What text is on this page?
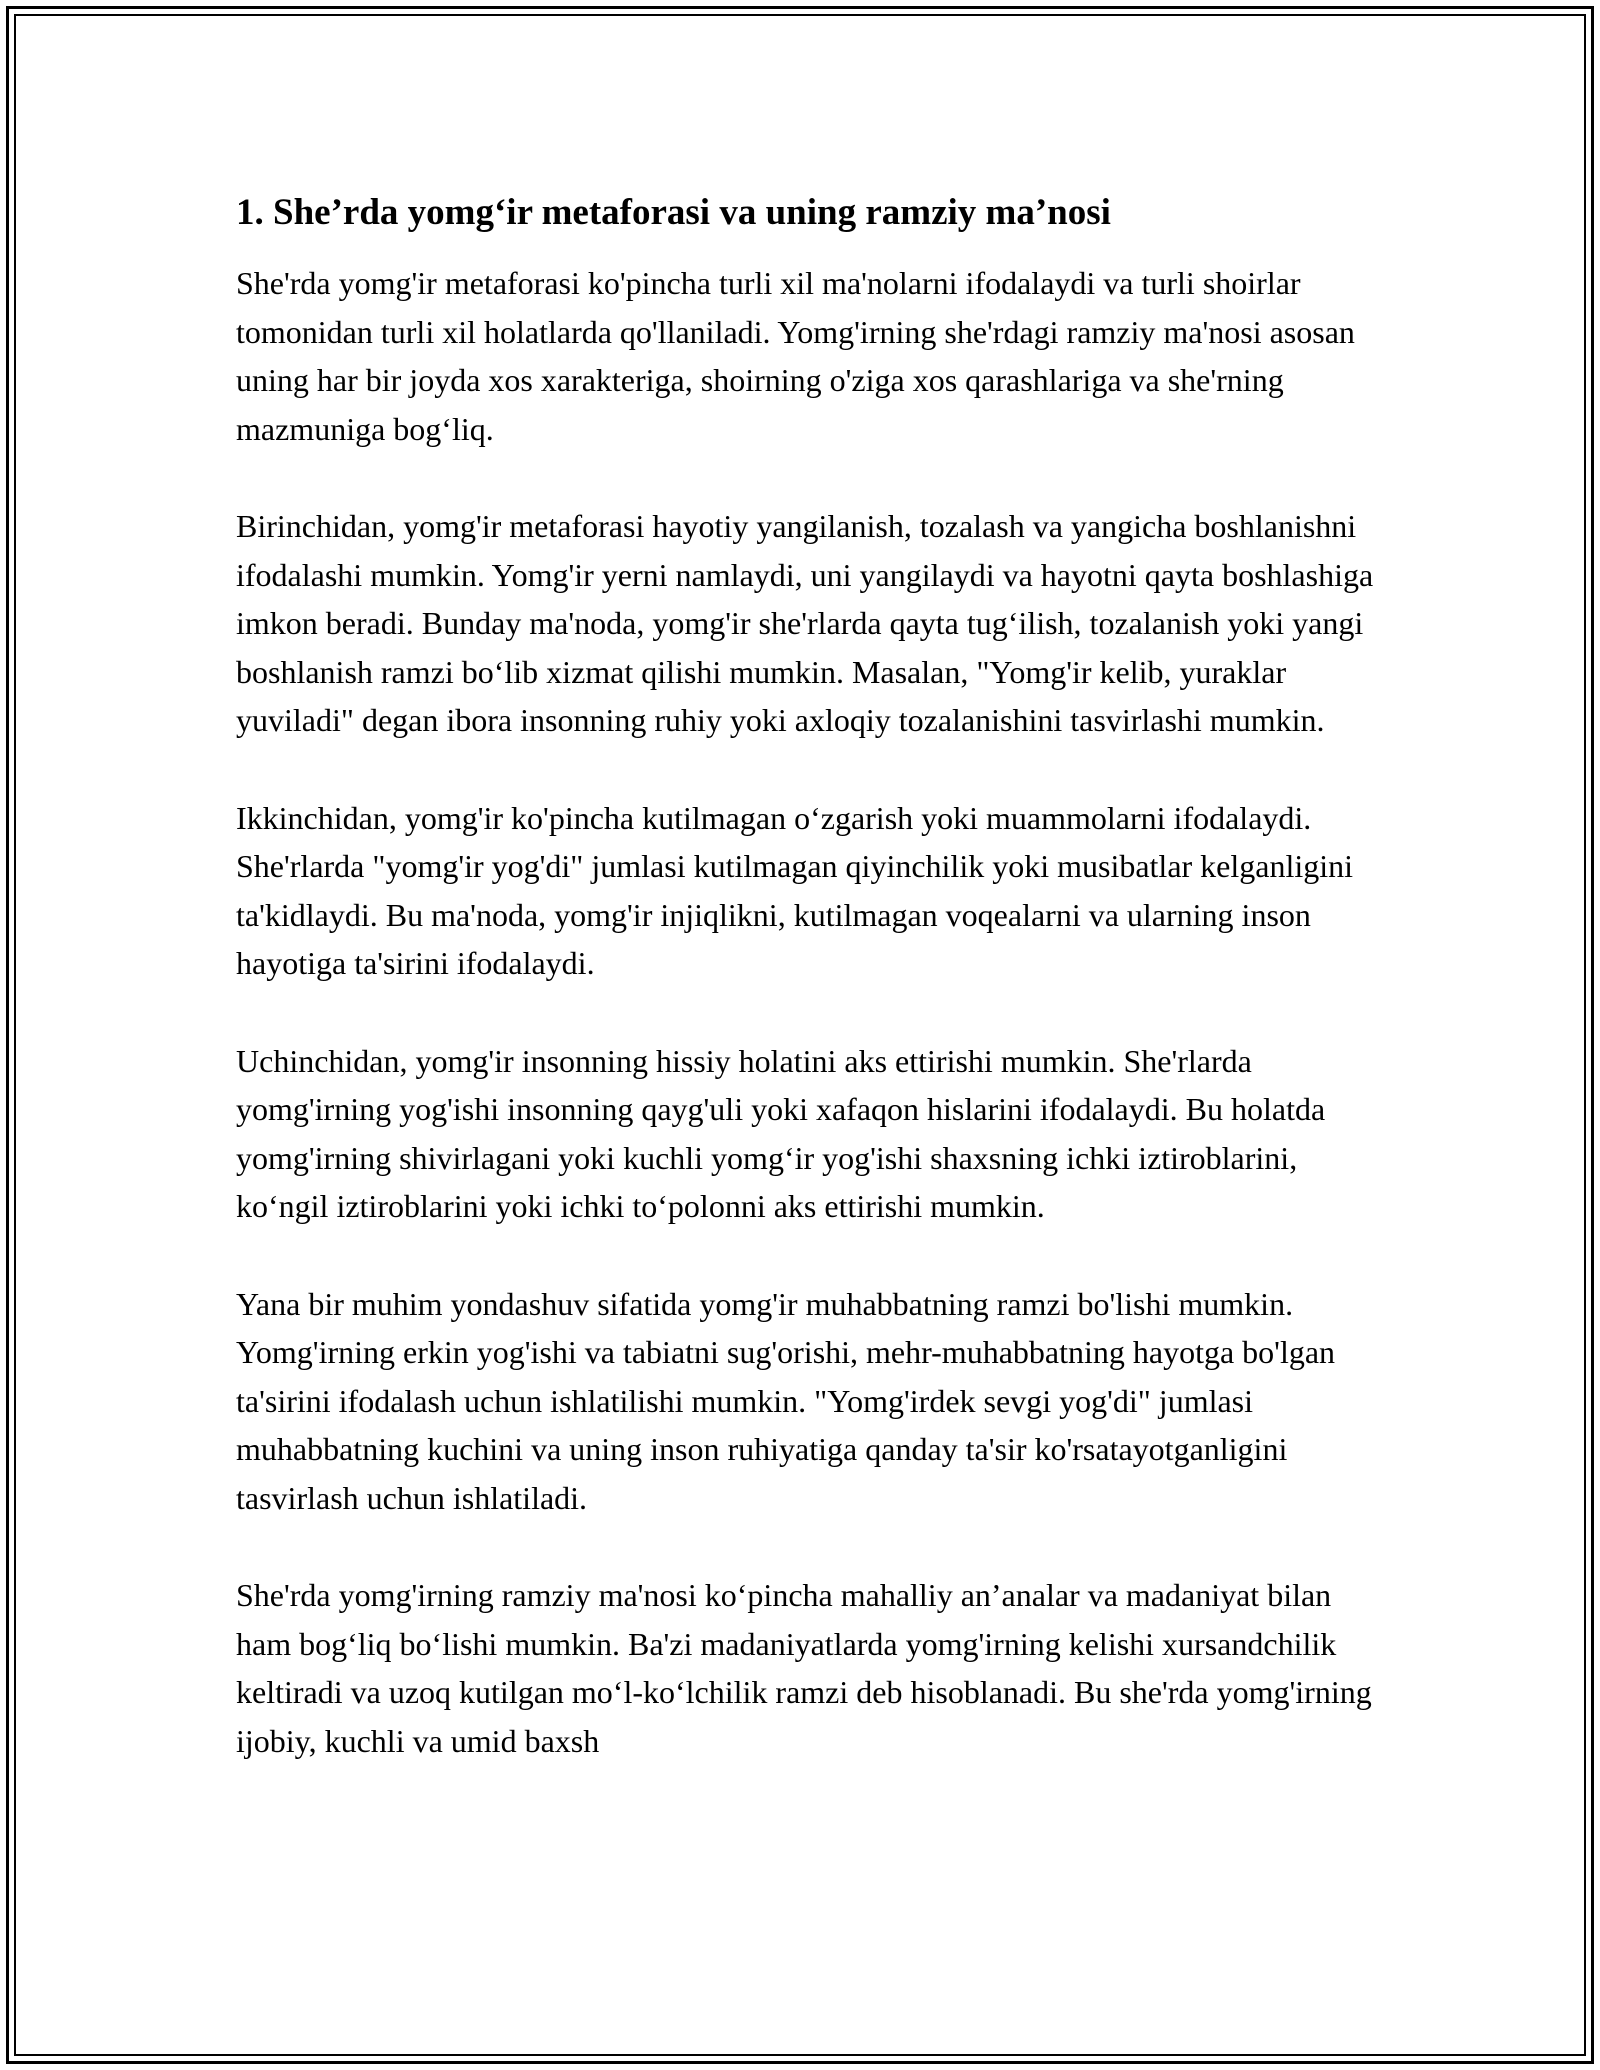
1. She’rda yomg‘ir metaforasi va uning ramziy ma’nosi

She'rda yomg'ir metaforasi ko'pincha turli xil ma'nolarni ifodalaydi va turli shoirlar tomonidan turli xil holatlarda qo'llaniladi. Yomg'irning she'rdagi ramziy ma'nosi asosan uning har bir joyda xos xarakteriga, shoirning o'ziga xos qarashlariga va she'rning mazmuniga bog‘liq.

Birinchidan, yomg'ir metaforasi hayotiy yangilanish, tozalash va yangicha boshlanishni ifodalashi mumkin. Yomg'ir yerni namlaydi, uni yangilaydi va hayotni qayta boshlashiga imkon beradi. Bunday ma'noda, yomg'ir she'rlarda qayta tug‘ilish, tozalanish yoki yangi boshlanish ramzi bo‘lib xizmat qilishi mumkin. Masalan, "Yomg'ir kelib, yuraklar yuviladi" degan ibora insonning ruhiy yoki axloqiy tozalanishini tasvirlashi mumkin.

Ikkinchidan, yomg'ir ko'pincha kutilmagan o‘zgarish yoki muammolarni ifodalaydi. She'rlarda "yomg'ir yog'di" jumlasi kutilmagan qiyinchilik yoki musibatlar kelganligini ta'kidlaydi. Bu ma'noda, yomg'ir injiqlikni, kutilmagan voqealarni va ularning inson hayotiga ta'sirini ifodalaydi.

Uchinchidan, yomg'ir insonning hissiy holatini aks ettirishi mumkin. She'rlarda yomg'irning yog'ishi insonning qayg'uli yoki xafaqon hislarini ifodalaydi. Bu holatda yomg'irning shivirlagani yoki kuchli yomg‘ir yog'ishi shaxsning ichki iztiroblarini, ko‘ngil iztiroblarini yoki ichki to‘polonni aks ettirishi mumkin.

Yana bir muhim yondashuv sifatida yomg'ir muhabbatning ramzi bo'lishi mumkin. Yomg'irning erkin yog'ishi va tabiatni sug'orishi, mehr-muhabbatning hayotga bo'lgan ta'sirini ifodalash uchun ishlatilishi mumkin. "Yomg'irdek sevgi yog'di" jumlasi muhabbatning kuchini va uning inson ruhiyatiga qanday ta'sir ko'rsatayotganligini tasvirlash uchun ishlatiladi.

She'rda yomg'irning ramziy ma'nosi ko‘pincha mahalliy an’analar va madaniyat bilan ham bog‘liq bo‘lishi mumkin. Ba'zi madaniyatlarda yomg'irning kelishi xursandchilik keltiradi va uzoq kutilgan mo‘l-ko‘lchilik ramzi deb hisoblanadi. Bu she'rda yomg'irning ijobiy, kuchli va umid baxsh
